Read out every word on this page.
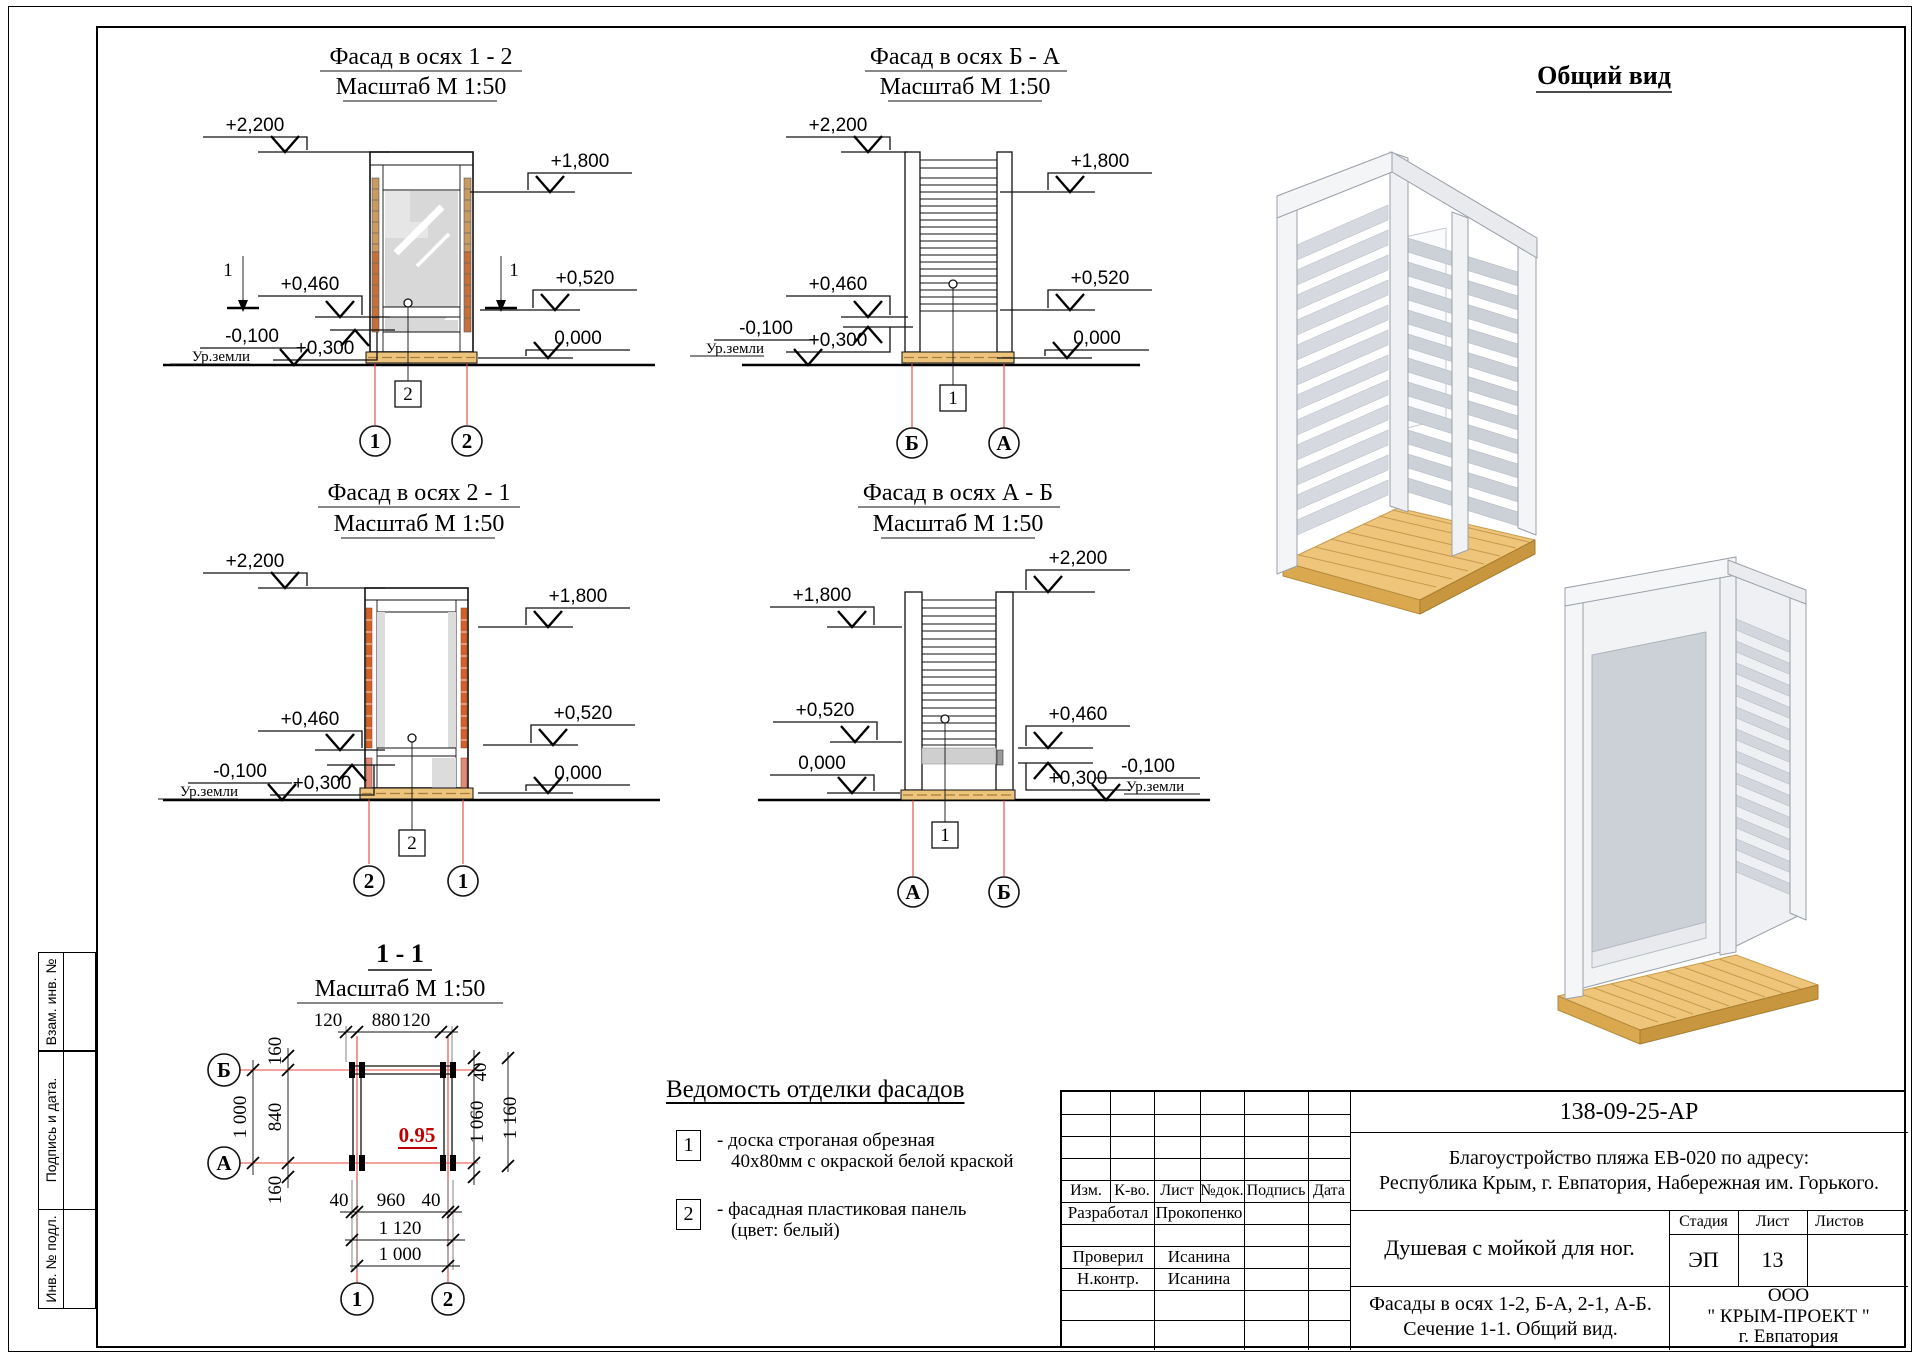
Фасад в осях 1 - 2
Масштаб М 1:50
1	1
+2,200
+1,800
+0,460	+0,520
0,000
+0,300
-0,100
Ур.земли
2
1	2
Фасад в осях Б - А
Масштаб М 1:50
+2,200
+0,460
+0,300
-0,100
Ур.земли
+1,800
+0,520
0,000
1
Б	А
Фасад в осях 2 - 1
Масштаб М 1:50
+2,200
+0,460
+0,300
-0,100
Ур.земли
+1,800
+0,520
0,000
2
2	1
Фасад в осях А - Б
Масштаб М 1:50
+1,800
+0,520
0,000
+2,200
+0,460
+0,300
-0,100
Ур.земли
1
А	Б
1 - 1
Масштаб М 1:50
0.95
120 880 120
160
840
160
1 000
40
1 060 1 160
40 960 40
1 120
1 000
Б
А
1	2
Общий вид
Ведомость отделки фасадов
1	- доска строганая обрезная
40х80мм с окраской белой краской
2	- фасадная пластиковая панель
(цвет: белый)
Изм. К-во. Лист №док. Подпись Дата
Разработал Прокопенко
Проверил	Исанина
Н.контр.	Исанина
138-09-25-АР
Благоустройство пляжа ЕВ-020 по адресу:
Республика Крым, г. Евпатория, Набережная им. Горького.
Душевая с мойкой для ног.
Стадия	Лист	Листов
ЭП	13
Фасады в осях 1-2, Б-А, 2-1, А-Б.
Сечение 1-1. Общий вид.
ООО
" КРЫМ-ПРОЕКТ "
г. Евпатория
Взам. инв. №
Подпись и дата.
Инв. № подл.
